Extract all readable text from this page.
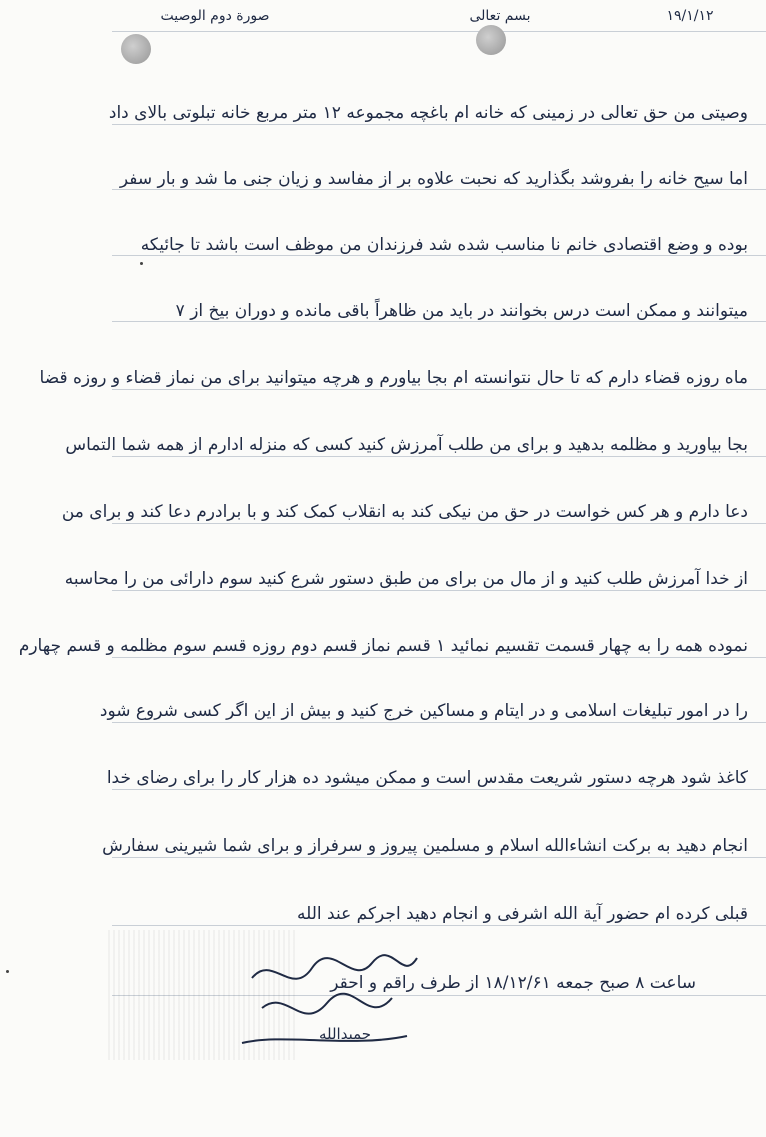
صورة دوم الوصيت	بسم تعالی	۱۹/۱/۱۲
وصیتی من حق تعالی در زمینی که خانه ام باغچه مجموعه ۱۲ متر مربع خانه تبلوتی بالای داد
اما سیح خانه را بفروشد بگذارید که نحبت علاوه بر از مفاسد و زیان جنی ما شد و بار سفر
بوده و وضع اقتصادی خانم نا مناسب شده شد فرزندان من موظف است باشد تا جائیکه
میتوانند و ممکن است درس بخوانند در باید من ظاهراً باقی مانده و دوران بیخ از ۷
ماه روزه قضاء دارم که تا حال نتوانسته ام بجا بیاورم و هرچه میتوانید برای من نماز قضاء و روزه قضا
بجا بیاورید و مظلمه بدهید و برای من طلب آمرزش کنید کسی که منزله ادارم از همه شما التماس
دعا دارم و هر کس خواست در حق من نیکی کند به انقلاب کمک کند و با برادرم دعا کند و برای من
از خدا آمرزش طلب کنید و از مال من برای من طبق دستور شرع کنید سوم دارائی من را محاسبه
نموده همه را به چهار قسمت تقسیم نمائید ۱ قسم نماز قسم دوم روزه قسم سوم مظلمه و قسم چهارم
را در امور تبلیغات اسلامی و در ایتام و مساکین خرج کنید و بیش از این اگر کسی شروع شود
کاغذ شود هرچه دستور شریعت مقدس است و ممکن میشود ده هزار کار را برای رضای خدا
انجام دهید به برکت انشاءالله اسلام و مسلمین پیروز و سرفراز و برای شما شیرینی سفارش
قبلی کرده ام حضور آیة الله اشرفی و انجام دهید اجرکم عند الله
ساعت ۸ صبح جمعه ۱۸/۱۲/۶۱ از طرف راقم و احقر
حمیدالله
